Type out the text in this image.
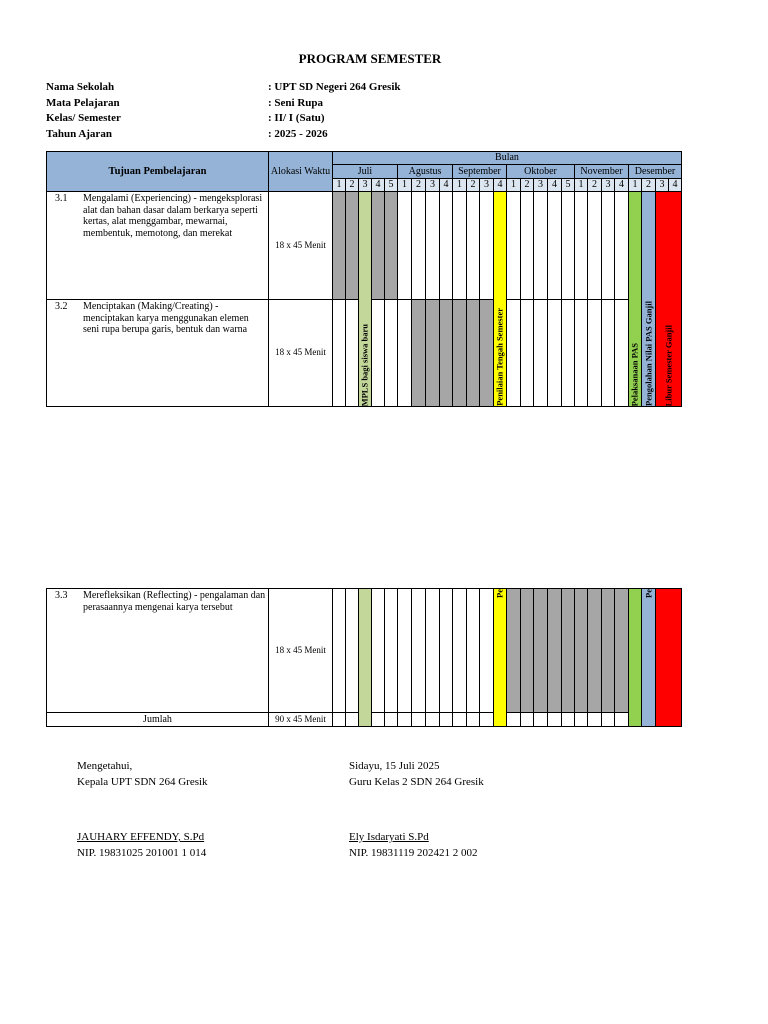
PROGRAM SEMESTER
Nama Sekolah	: UPT SD Negeri 264 Gresik
Mata Pelajaran	: Seni Rupa
Kelas/ Semester	: II/ I (Satu)
Tahun Ajaran	: 2025 - 2026
Tujuan Pembelajaran	Alokasi Waktu	Bulan																									
		Juli					Agustus				September				Oktober					November				Desember			
		1	2	3	4	5	1	2	3	4	1	2	3	4	1	2	3	4	5	1	2	3	4	1	2	3	4

3.1 Mengalami (Experiencing) - mengeksplorasi alat dan bahan dasar dalam berkarya seperti kertas, alat menggambar, mewarnai, membentuk, memotong, dan merekat	18 x 45 Menit			MPLS bagi siswa baru										Penilaian Tengah Semester										Pelaksanaan PAS	Pengolahan Nilai PAS Ganjil	Libur Semester Ganjil	

3.2 Menciptakan (Making/Creating) - menciptakan karya menggunakan elemen seni rupa berupa garis, bentuk dan warna	18 x 45 Menit																										

3.3 Merefleksikan (Reflecting) - pengalaman dan perasaannya mengenai karya tersebut	18 x 45 Menit													Pe											Pe		

Jumlah	90 x 45 Menit																										
Mengetahui,
Kepala UPT SDN 264 Gresik
JAUHARY EFFENDY, S.Pd
NIP. 19831025 201001 1 014
Sidayu, 15 Juli 2025
Guru Kelas 2 SDN 264 Gresik
Ely Isdaryati S.Pd
NIP. 19831119 202421 2 002
